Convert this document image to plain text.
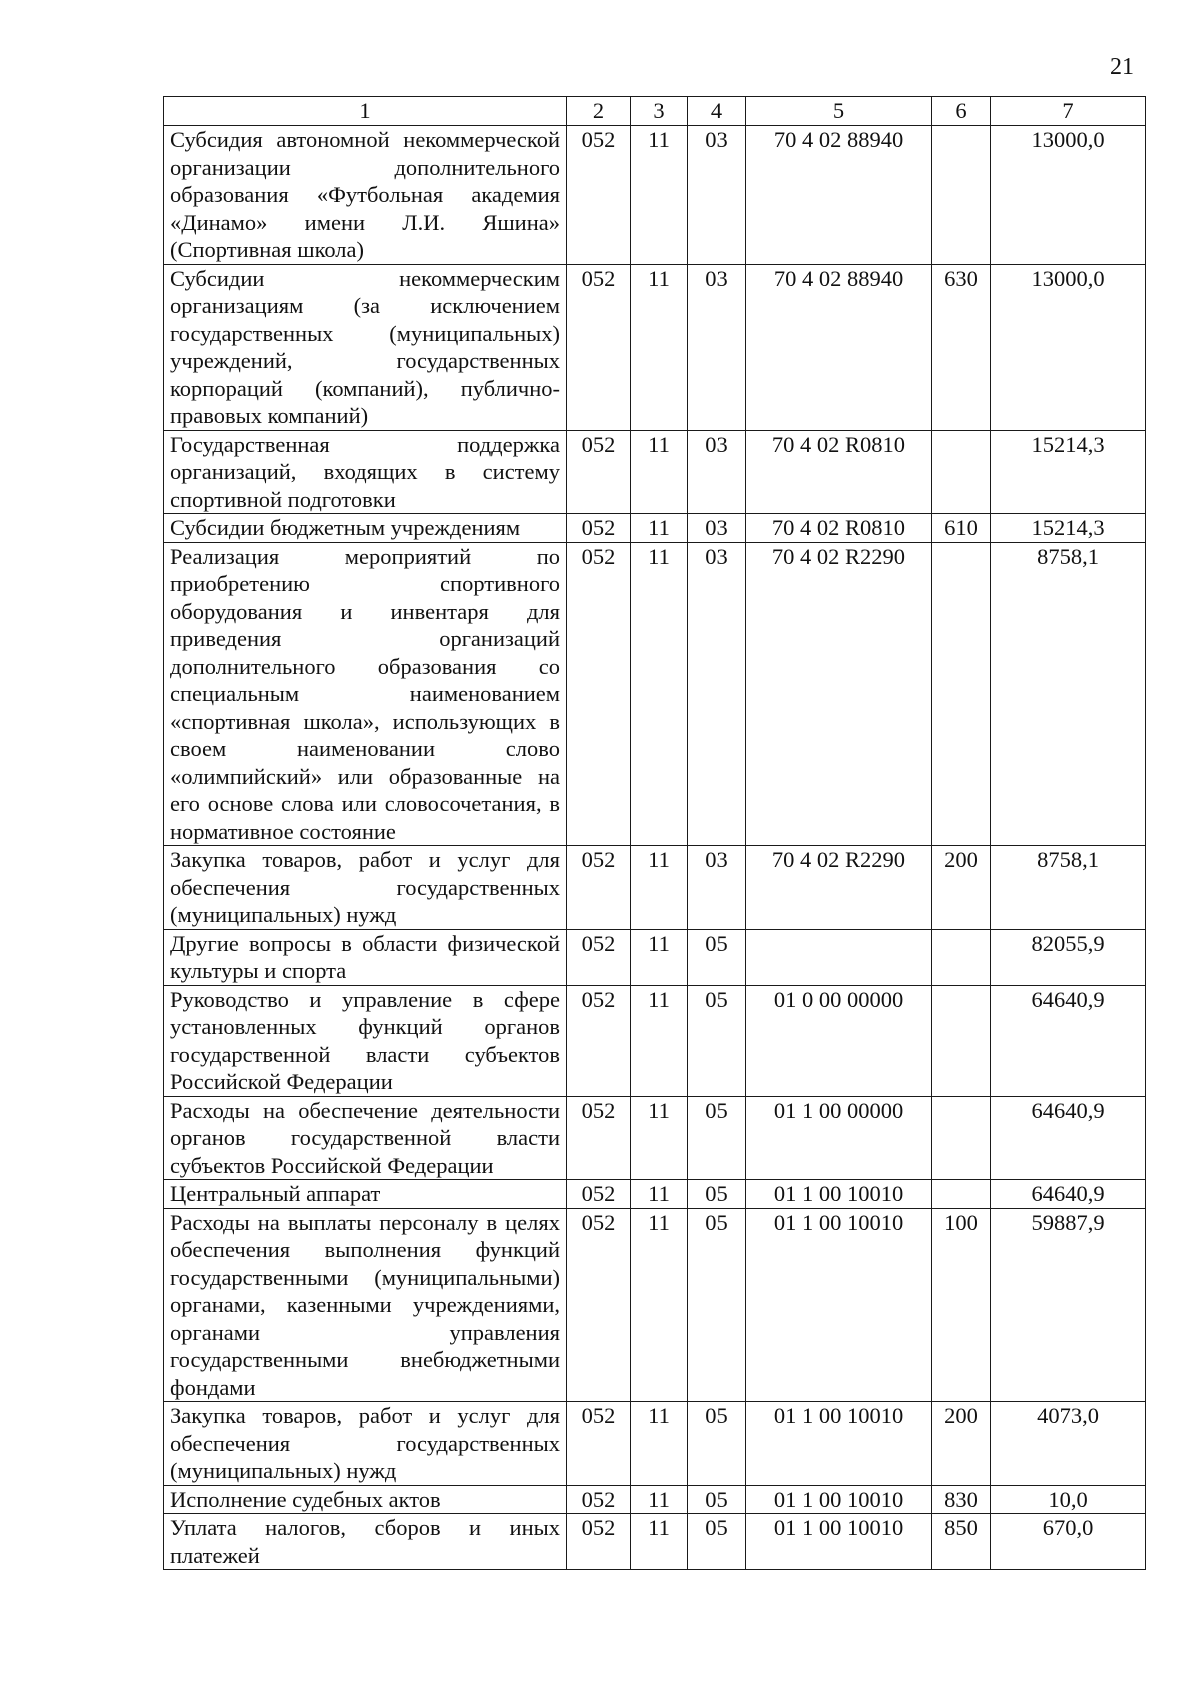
21
1	2	3	4	5	6	7
Субсидия автономной некоммерческой организации дополнительного образования «Футбольная академия «Динамо» имени Л.И. Яшина» (Спортивная школа)	052	11	03	70 4 02 88940		13000,0
Субсидии некоммерческим организациям (за исключением государственных (муниципальных) учреждений, государственных корпораций (компаний), публично-правовых компаний)	052	11	03	70 4 02 88940	630	13000,0
Государственная поддержка организаций, входящих в систему спортивной подготовки	052	11	03	70 4 02 R0810		15214,3
Субсидии бюджетным учреждениям	052	11	03	70 4 02 R0810	610	15214,3
Реализация мероприятий по приобретению спортивного оборудования и инвентаря для приведения организаций дополнительного образования со специальным наименованием «спортивная школа», использующих в своем наименовании слово «олимпийский» или образованные на его основе слова или словосочетания, в нормативное состояние	052	11	03	70 4 02 R2290		8758,1
Закупка товаров, работ и услуг для обеспечения государственных (муниципальных) нужд	052	11	03	70 4 02 R2290	200	8758,1
Другие вопросы в области физической культуры и спорта	052	11	05			82055,9
Руководство и управление в сфере установленных функций органов государственной власти субъектов Российской Федерации	052	11	05	01 0 00 00000		64640,9
Расходы на обеспечение деятельности органов государственной власти субъектов Российской Федерации	052	11	05	01 1 00 00000		64640,9
Центральный аппарат	052	11	05	01 1 00 10010		64640,9
Расходы на выплаты персоналу в целях обеспечения выполнения функций государственными (муниципальными) органами, казенными учреждениями, органами управления государственными внебюджетными фондами	052	11	05	01 1 00 10010	100	59887,9
Закупка товаров, работ и услуг для обеспечения государственных (муниципальных) нужд	052	11	05	01 1 00 10010	200	4073,0
Исполнение судебных актов	052	11	05	01 1 00 10010	830	10,0
Уплата налогов, сборов и иных платежей	052	11	05	01 1 00 10010	850	670,0
